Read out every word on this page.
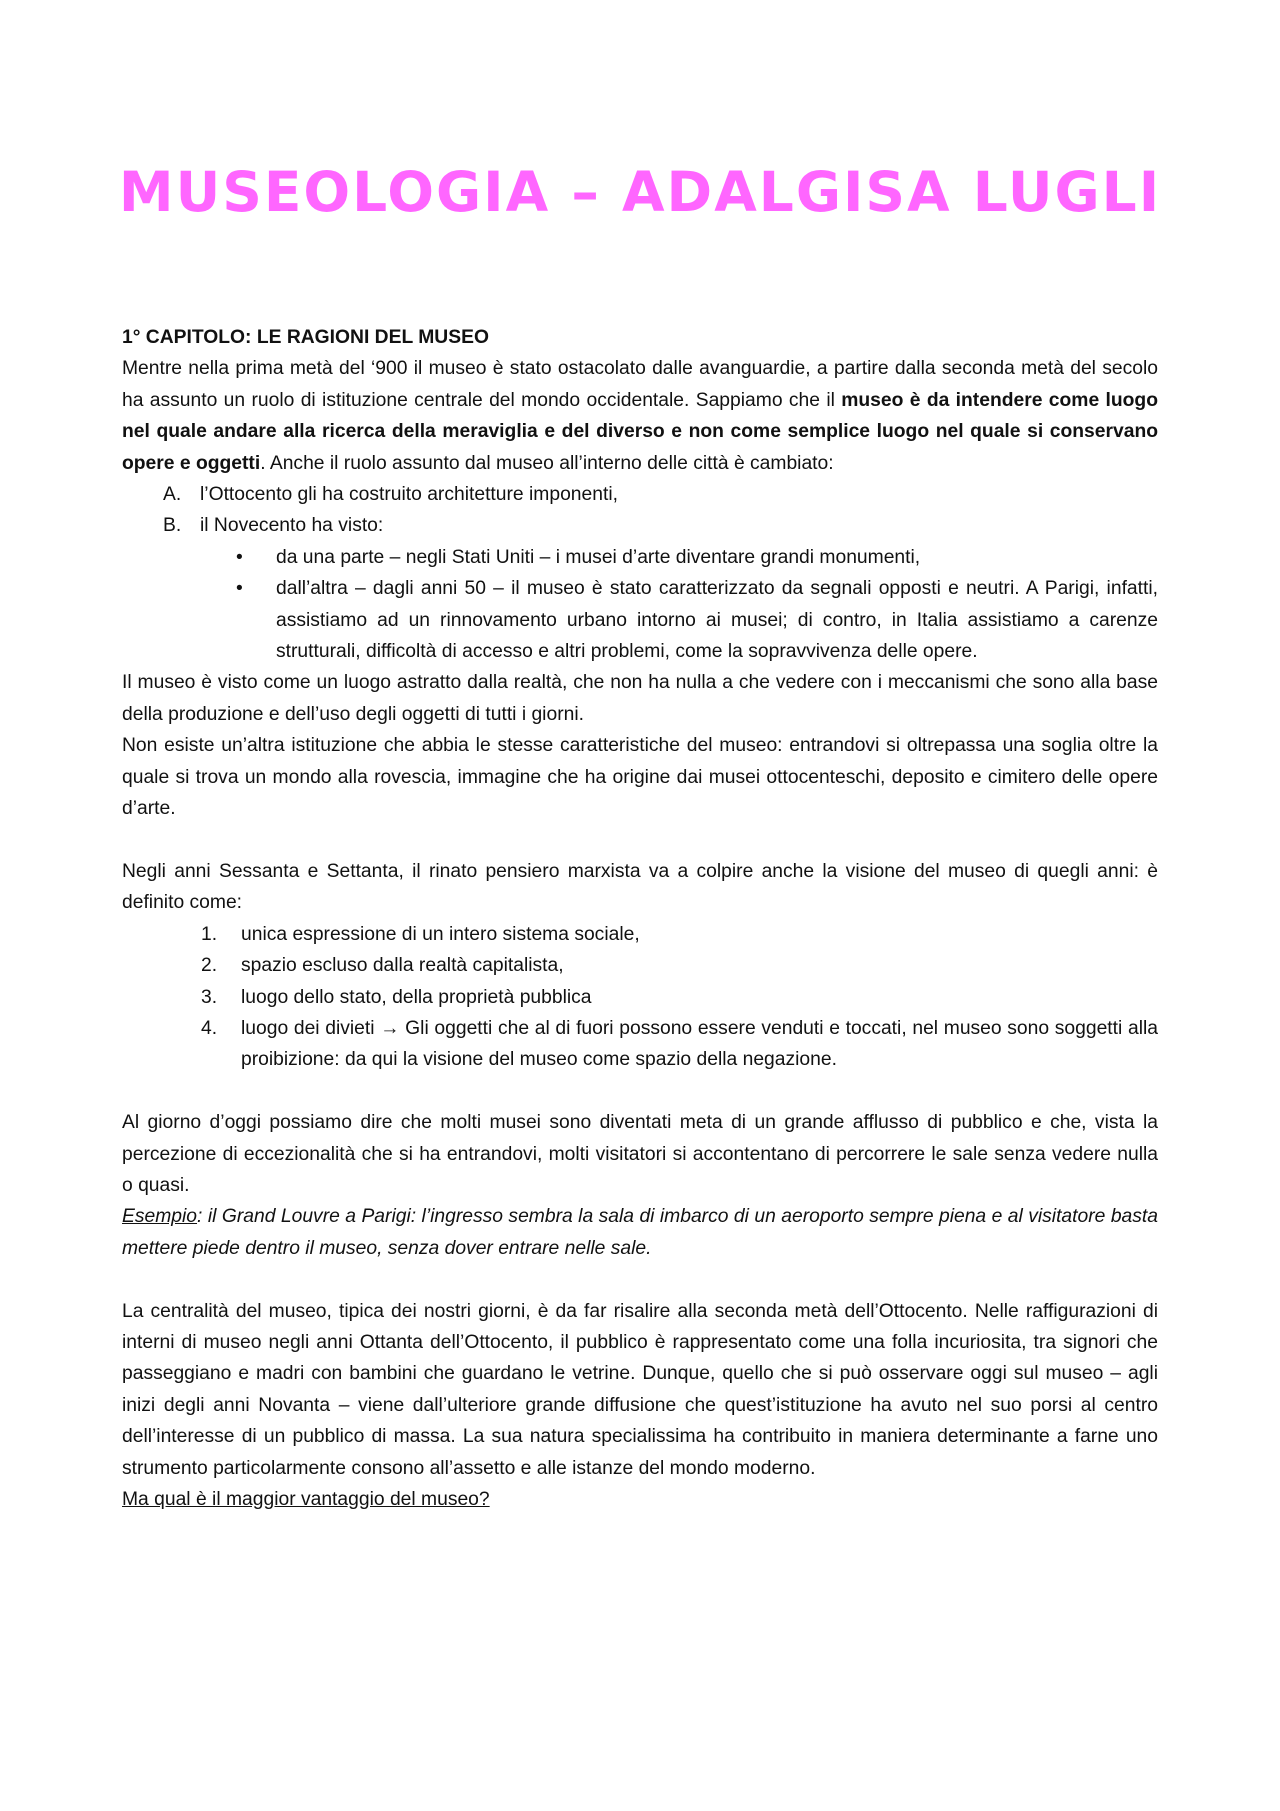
MUSEOLOGIA – ADALGISA LUGLI

1° CAPITOLO: LE RAGIONI DEL MUSEO

Mentre nella prima metà del ‘900 il museo è stato ostacolato dalle avanguardie, a partire dalla seconda metà del secolo ha assunto un ruolo di istituzione centrale del mondo occidentale. Sappiamo che il museo è da intendere come luogo nel quale andare alla ricerca della meraviglia e del diverso e non come semplice luogo nel quale si conservano opere e oggetti. Anche il ruolo assunto dal museo all’interno delle città è cambiato:

A. l’Ottocento gli ha costruito architetture imponenti,
B. il Novecento ha visto:
• da una parte – negli Stati Uniti – i musei d’arte diventare grandi monumenti,
• dall’altra – dagli anni 50 – il museo è stato caratterizzato da segnali opposti e neutri. A Parigi, infatti, assistiamo ad un rinnovamento urbano intorno ai musei; di contro, in Italia assistiamo a carenze strutturali, difficoltà di accesso e altri problemi, come la sopravvivenza delle opere.

Il museo è visto come un luogo astratto dalla realtà, che non ha nulla a che vedere con i meccanismi che sono alla base della produzione e dell’uso degli oggetti di tutti i giorni.

Non esiste un’altra istituzione che abbia le stesse caratteristiche del museo: entrandovi si oltrepassa una soglia oltre la quale si trova un mondo alla rovescia, immagine che ha origine dai musei ottocenteschi, deposito e cimitero delle opere d’arte.

Negli anni Sessanta e Settanta, il rinato pensiero marxista va a colpire anche la visione del museo di quegli anni: è definito come:

1. unica espressione di un intero sistema sociale,
2. spazio escluso dalla realtà capitalista,
3. luogo dello stato, della proprietà pubblica
4. luogo dei divieti → Gli oggetti che al di fuori possono essere venduti e toccati, nel museo sono soggetti alla proibizione: da qui la visione del museo come spazio della negazione.

Al giorno d’oggi possiamo dire che molti musei sono diventati meta di un grande afflusso di pubblico e che, vista la percezione di eccezionalità che si ha entrandovi, molti visitatori si accontentano di percorrere le sale senza vedere nulla o quasi.

Esempio: il Grand Louvre a Parigi: l’ingresso sembra la sala di imbarco di un aeroporto sempre piena e al visitatore basta mettere piede dentro il museo, senza dover entrare nelle sale.

La centralità del museo, tipica dei nostri giorni, è da far risalire alla seconda metà dell’Ottocento. Nelle raffigurazioni di interni di museo negli anni Ottanta dell’Ottocento, il pubblico è rappresentato come una folla incuriosita, tra signori che passeggiano e madri con bambini che guardano le vetrine. Dunque, quello che si può osservare oggi sul museo – agli inizi degli anni Novanta – viene dall’ulteriore grande diffusione che quest’istituzione ha avuto nel suo porsi al centro dell’interesse di un pubblico di massa. La sua natura specialissima ha contribuito in maniera determinante a farne uno strumento particolarmente consono all’assetto e alle istanze del mondo moderno.

Ma qual è il maggior vantaggio del museo?
